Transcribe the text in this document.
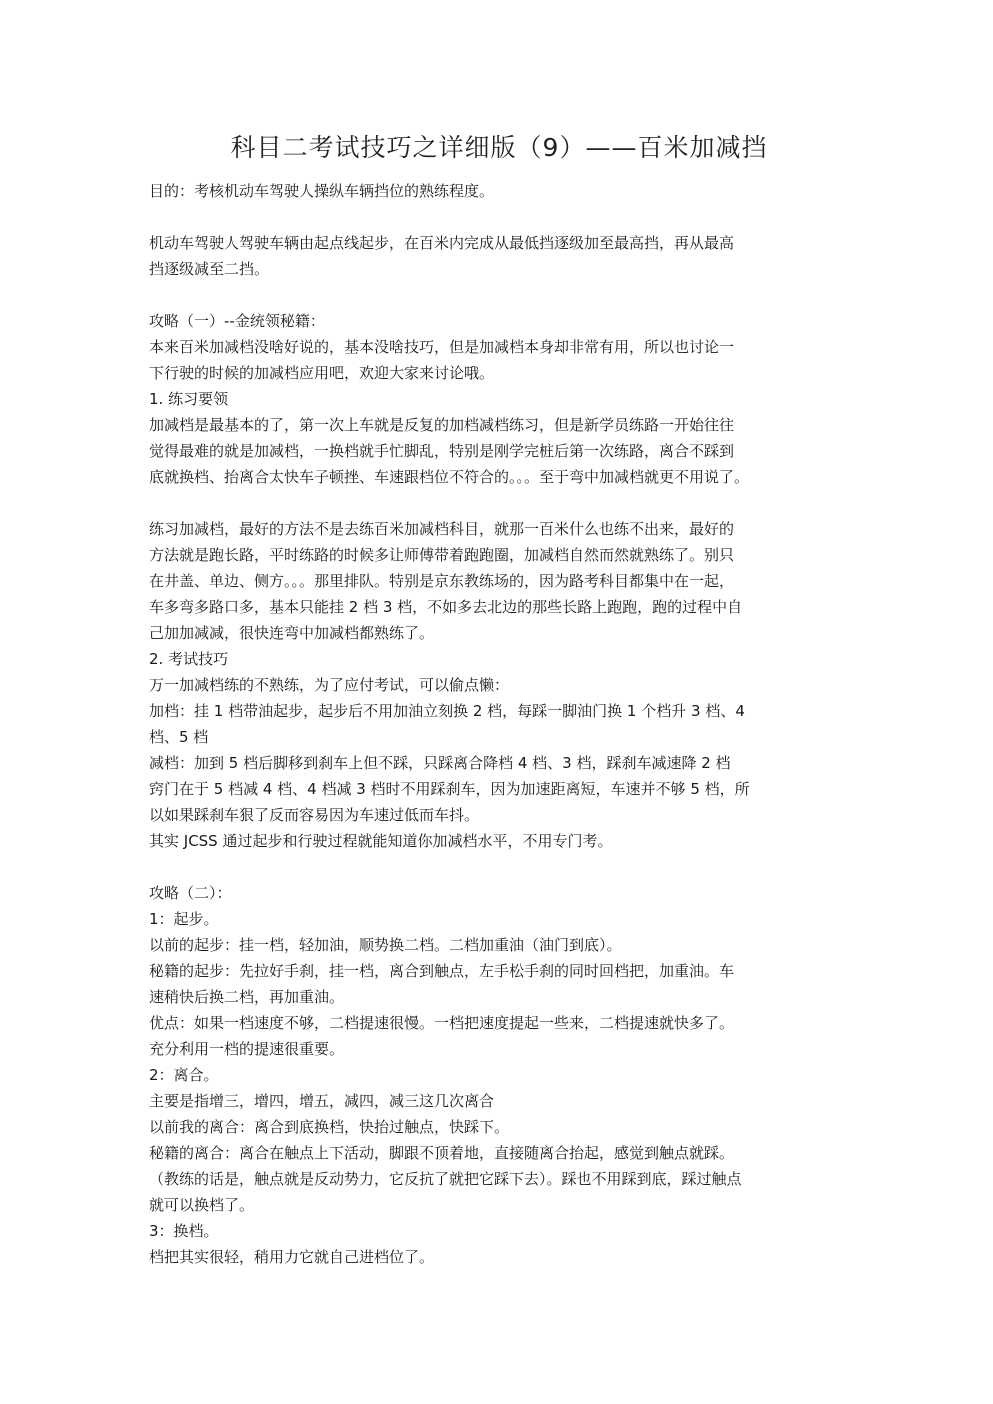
科目二考试技巧之详细版（9）——百米加减挡
目的：考核机动车驾驶人操纵车辆挡位的熟练程度。
机动车驾驶人驾驶车辆由起点线起步，在百米内完成从最低挡逐级加至最高挡，再从最高
挡逐级减至二挡。
攻略（一）--金统领秘籍：
本来百米加减档没啥好说的，基本没啥技巧，但是加减档本身却非常有用，所以也讨论一
下行驶的时候的加减档应用吧，欢迎大家来讨论哦。
1. 练习要领
加减档是最基本的了，第一次上车就是反复的加档减档练习，但是新学员练路一开始往往
觉得最难的就是加减档，一换档就手忙脚乱，特别是刚学完桩后第一次练路，离合不踩到
底就换档、抬离合太快车子顿挫、车速跟档位不符合的。。。至于弯中加减档就更不用说了。
练习加减档，最好的方法不是去练百米加减档科目，就那一百米什么也练不出来，最好的
方法就是跑长路，平时练路的时候多让师傅带着跑跑圈，加减档自然而然就熟练了。别只
在井盖、单边、侧方。。。那里排队。特别是京东教练场的，因为路考科目都集中在一起，
车多弯多路口多，基本只能挂 2 档 3 档，不如多去北边的那些长路上跑跑，跑的过程中自
己加加减减，很快连弯中加减档都熟练了。
2. 考试技巧
万一加减档练的不熟练，为了应付考试，可以偷点懒：
加档：挂 1 档带油起步，起步后不用加油立刻换 2 档，每踩一脚油门换 1 个档升 3 档、4
档、5 档
减档：加到 5 档后脚移到刹车上但不踩，只踩离合降档 4 档、3 档，踩刹车减速降 2 档
窍门在于 5 档减 4 档、4 档减 3 档时不用踩刹车，因为加速距离短，车速并不够 5 档，所
以如果踩刹车狠了反而容易因为车速过低而车抖。
其实 JCSS 通过起步和行驶过程就能知道你加减档水平，不用专门考。
攻略（二）：
1：起步。
以前的起步：挂一档，轻加油，顺势换二档。二档加重油（油门到底）。
秘籍的起步：先拉好手刹，挂一档，离合到触点，左手松手刹的同时回档把，加重油。车
速稍快后换二档，再加重油。
优点：如果一档速度不够，二档提速很慢。一档把速度提起一些来，二档提速就快多了。
充分利用一档的提速很重要。
2：离合。
主要是指增三，增四，增五，减四，减三这几次离合
以前我的离合：离合到底换档，快抬过触点，快踩下。
秘籍的离合：离合在触点上下活动，脚跟不顶着地，直接随离合抬起，感觉到触点就踩。
（教练的话是，触点就是反动势力，它反抗了就把它踩下去）。踩也不用踩到底，踩过触点
就可以换档了。
3：换档。
档把其实很轻，稍用力它就自己进档位了。
